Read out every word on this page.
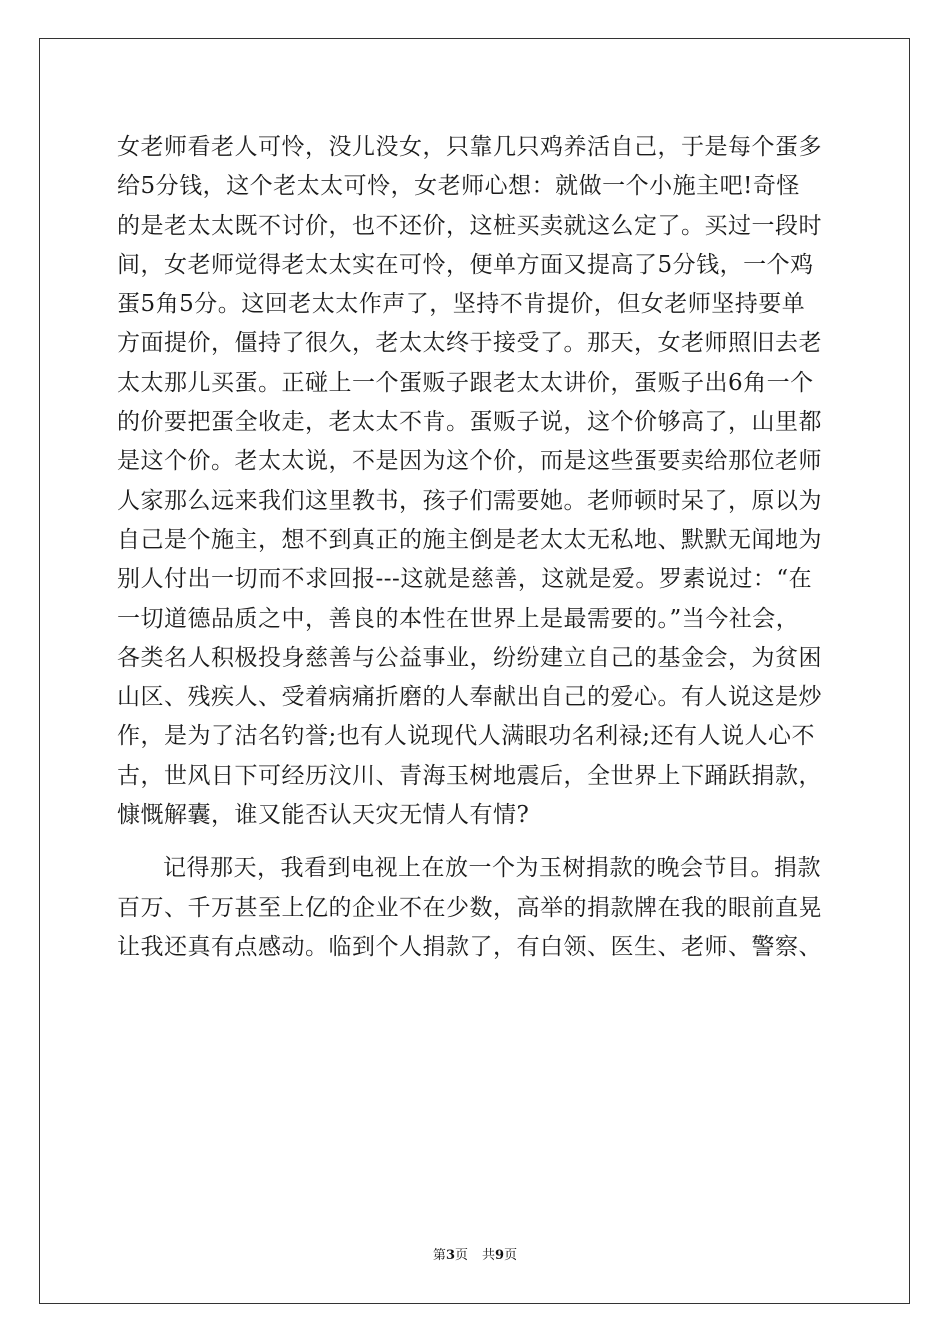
女老师看老人可怜，没儿没女，只靠几只鸡养活自己，于是每个蛋多
给5分钱，这个老太太可怜，女老师心想：就做一个小施主吧!奇怪
的是老太太既不讨价，也不还价，这桩买卖就这么定了。买过一段时
间，女老师觉得老太太实在可怜，便单方面又提高了5分钱，一个鸡
蛋5角5分。这回老太太作声了，坚持不肯提价，但女老师坚持要单
方面提价，僵持了很久，老太太终于接受了。那天，女老师照旧去老
太太那儿买蛋。正碰上一个蛋贩子跟老太太讲价，蛋贩子出6角一个
的价要把蛋全收走，老太太不肯。蛋贩子说，这个价够高了，山里都
是这个价。老太太说，不是因为这个价，而是这些蛋要卖给那位老师
人家那么远来我们这里教书，孩子们需要她。老师顿时呆了，原以为
自己是个施主，想不到真正的施主倒是老太太无私地、默默无闻地为
别人付出一切而不求回报---这就是慈善，这就是爱。罗素说过：“在
一切道德品质之中，善良的本性在世界上是最需要的。”当今社会，
各类名人积极投身慈善与公益事业，纷纷建立自己的基金会，为贫困
山区、残疾人、受着病痛折磨的人奉献出自己的爱心。有人说这是炒
作，是为了沽名钓誉;也有人说现代人满眼功名利禄;还有人说人心不
古，世风日下可经历汶川、青海玉树地震后，全世界上下踊跃捐款，
慷慨解囊，谁又能否认天灾无情人有情?
记得那天，我看到电视上在放一个为玉树捐款的晚会节目。捐款
百万、千万甚至上亿的企业不在少数，高举的捐款牌在我的眼前直晃
让我还真有点感动。临到个人捐款了，有白领、医生、老师、警察、
第3页 共9页
